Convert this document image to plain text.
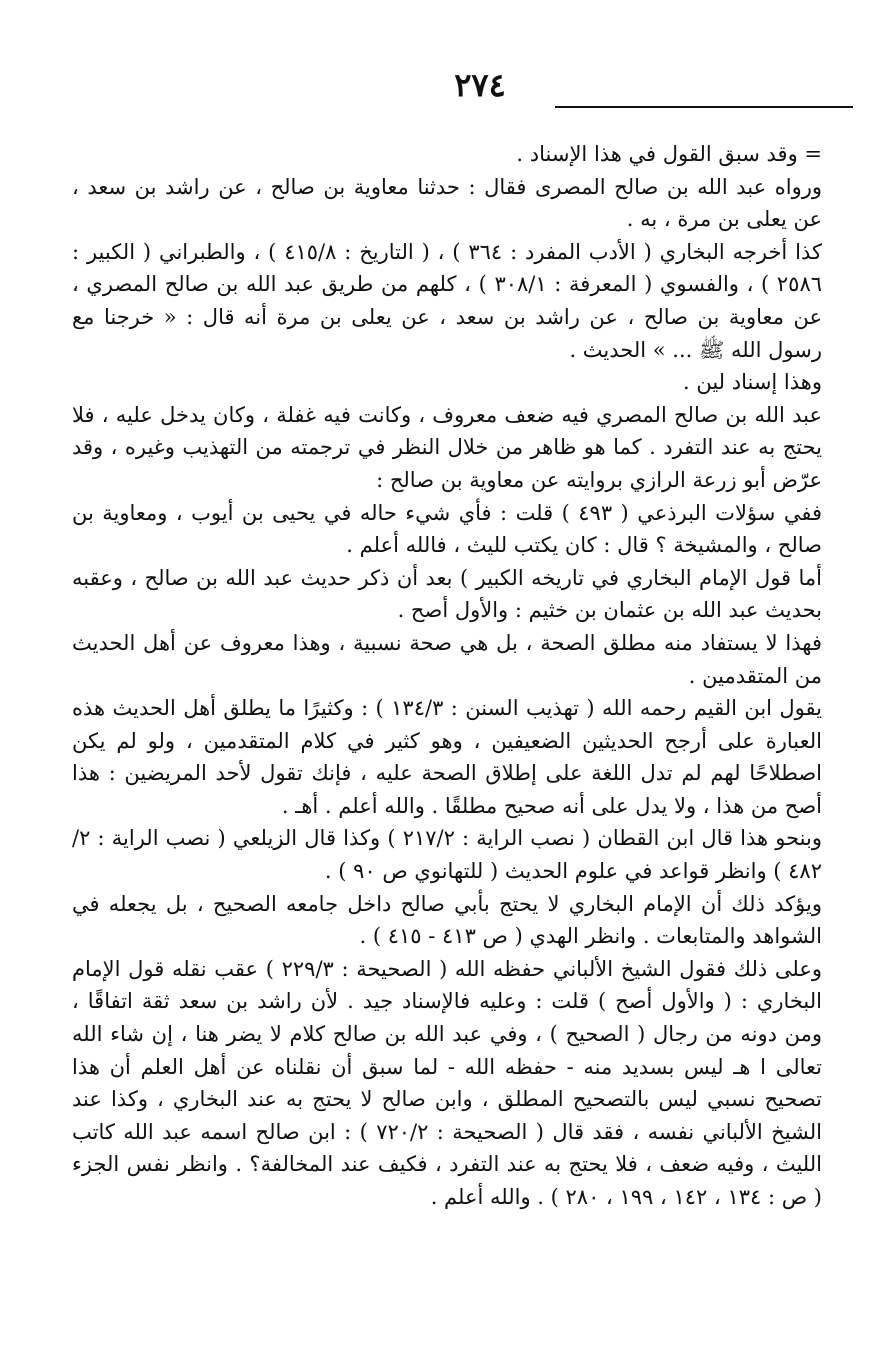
٢٧٤

= وقد سبق القول في هذا الإسناد .

ورواه عبد الله بن صالح المصرى فقال : حدثنا معاوية بن صالح ، عن راشد بن سعد ، عن يعلى بن مرة ، به .

كذا أخرجه البخاري ( الأدب المفرد : ٣٦٤ ) ، ( التاريخ : ٤١٥/٨ ) ، والطبراني ( الكبير : ٢٥٨٦ ) ، والفسوي ( المعرفة : ٣٠٨/١ ) ، كلهم من طريق عبد الله بن صالح المصري ، عن معاوية بن صالح ، عن راشد بن سعد ، عن يعلى بن مرة أنه قال : « خرجنا مع رسول الله ﷺ ... » الحديث .

وهذا إسناد لين .

عبد الله بن صالح المصري فيه ضعف معروف ، وكانت فيه غفلة ، وكان يدخل عليه ، فلا يحتج به عند التفرد . كما هو ظاهر من خلال النظر في ترجمته من التهذيب وغيره ، وقد عرّض أبو زرعة الرازي بروايته عن معاوية بن صالح :

ففي سؤلات البرذعي ( ٤٩٣ ) قلت : فأي شيء حاله في يحيى بن أيوب ، ومعاوية بن صالح ، والمشيخة ؟ قال : كان يكتب لليث ، فالله أعلم .

أما قول الإمام البخاري في تاريخه الكبير ) بعد أن ذكر حديث عبد الله بن صالح ، وعقبه بحديث عبد الله بن عثمان بن خثيم : والأول أصح .

فهذا لا يستفاد منه مطلق الصحة ، بل هي صحة نسبية ، وهذا معروف عن أهل الحديث من المتقدمين .

يقول ابن القيم رحمه الله ( تهذيب السنن : ١٣٤/٣ ) : وكثيرًا ما يطلق أهل الحديث هذه العبارة على أرجح الحديثين الضعيفين ، وهو كثير في كلام المتقدمين ، ولو لم يكن اصطلاحًا لهم لم تدل اللغة على إطلاق الصحة عليه ، فإنك تقول لأحد المريضين : هذا أصح من هذا ، ولا يدل على أنه صحيح مطلقًا . والله أعلم . أهـ .

وبنحو هذا قال ابن القطان ( نصب الراية : ٢١٧/٢ ) وكذا قال الزيلعي ( نصب الراية : ٢/ ٤٨٢ ) وانظر قواعد في علوم الحديث ( للتهانوي ص ٩٠ ) .

ويؤكد ذلك أن الإمام البخاري لا يحتج بأبي صالح داخل جامعه الصحيح ، بل يجعله في الشواهد والمتابعات . وانظر الهدي ( ص ٤١٣ - ٤١٥ ) .

وعلى ذلك فقول الشيخ الألباني حفظه الله ( الصحيحة : ٢٢٩/٣ ) عقب نقله قول الإمام البخاري : ( والأول أصح ) قلت : وعليه فالإسناد جيد . لأن راشد بن سعد ثقة اتفاقًا ، ومن دونه من رجال ( الصحيح ) ، وفي عبد الله بن صالح كلام لا يضر هنا ، إن شاء الله تعالى ا هـ ليس بسديد منه - حفظه الله - لما سبق أن نقلناه عن أهل العلم أن هذا تصحيح نسبي ليس بالتصحيح المطلق ، وابن صالح لا يحتج به عند البخاري ، وكذا عند الشيخ الألباني نفسه ، فقد قال ( الصحيحة : ٧٢٠/٢ ) : ابن صالح اسمه عبد الله كاتب الليث ، وفيه ضعف ، فلا يحتج به عند التفرد ، فكيف عند المخالفة؟ . وانظر نفس الجزء ( ص : ١٣٤ ، ١٤٢ ، ١٩٩ ، ٢٨٠ ) . والله أعلم .
